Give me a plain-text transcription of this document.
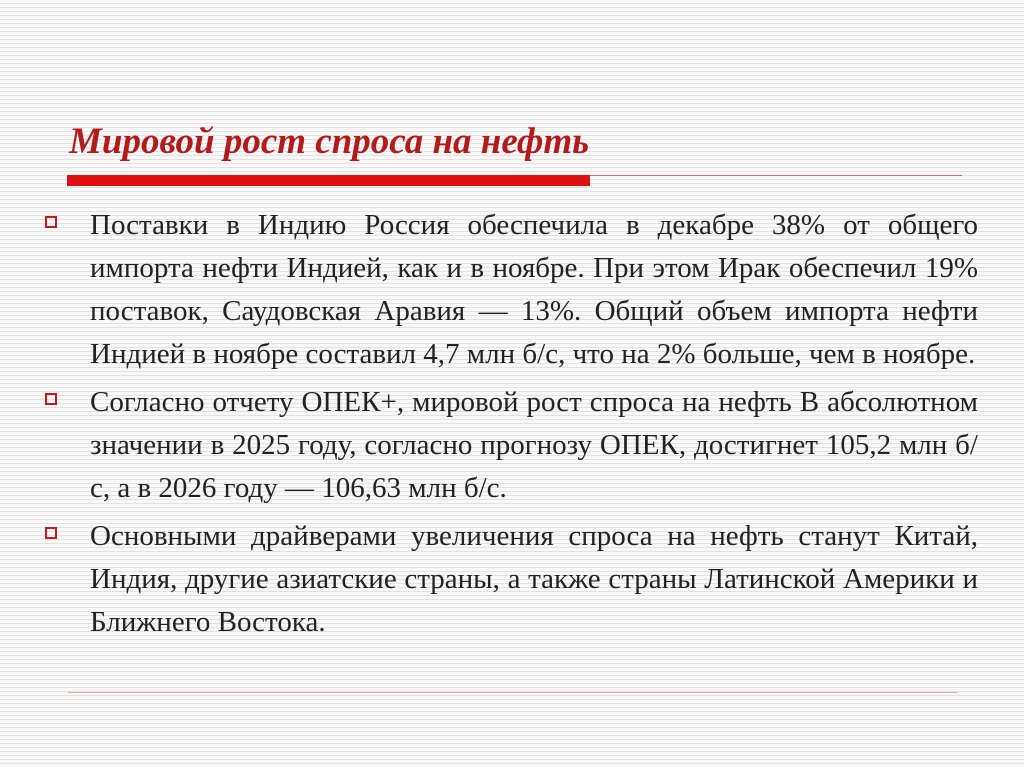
Мировой рост спроса на нефть
Поставки в Индию Россия обеспечила в декабре 38% от общего импорта нефти Индией, как и в ноябре. При этом Ирак обеспечил 19% поставок, Саудовская Аравия — 13%. Общий объем импорта нефти Индией в ноябре составил 4,7 млн б/с, что на 2% больше, чем в ноябре.
Согласно отчету ОПЕК+, мировой рост спроса на нефть В абсолютном значении в 2025 году, согласно прогнозу ОПЕК, достигнет 105,2 млн б/с, а в 2026 году — 106,63 млн б/с.
Основными драйверами увеличения спроса на нефть станут Китай, Индия, другие азиатские страны, а также страны Латинской Америки и Ближнего Востока.
